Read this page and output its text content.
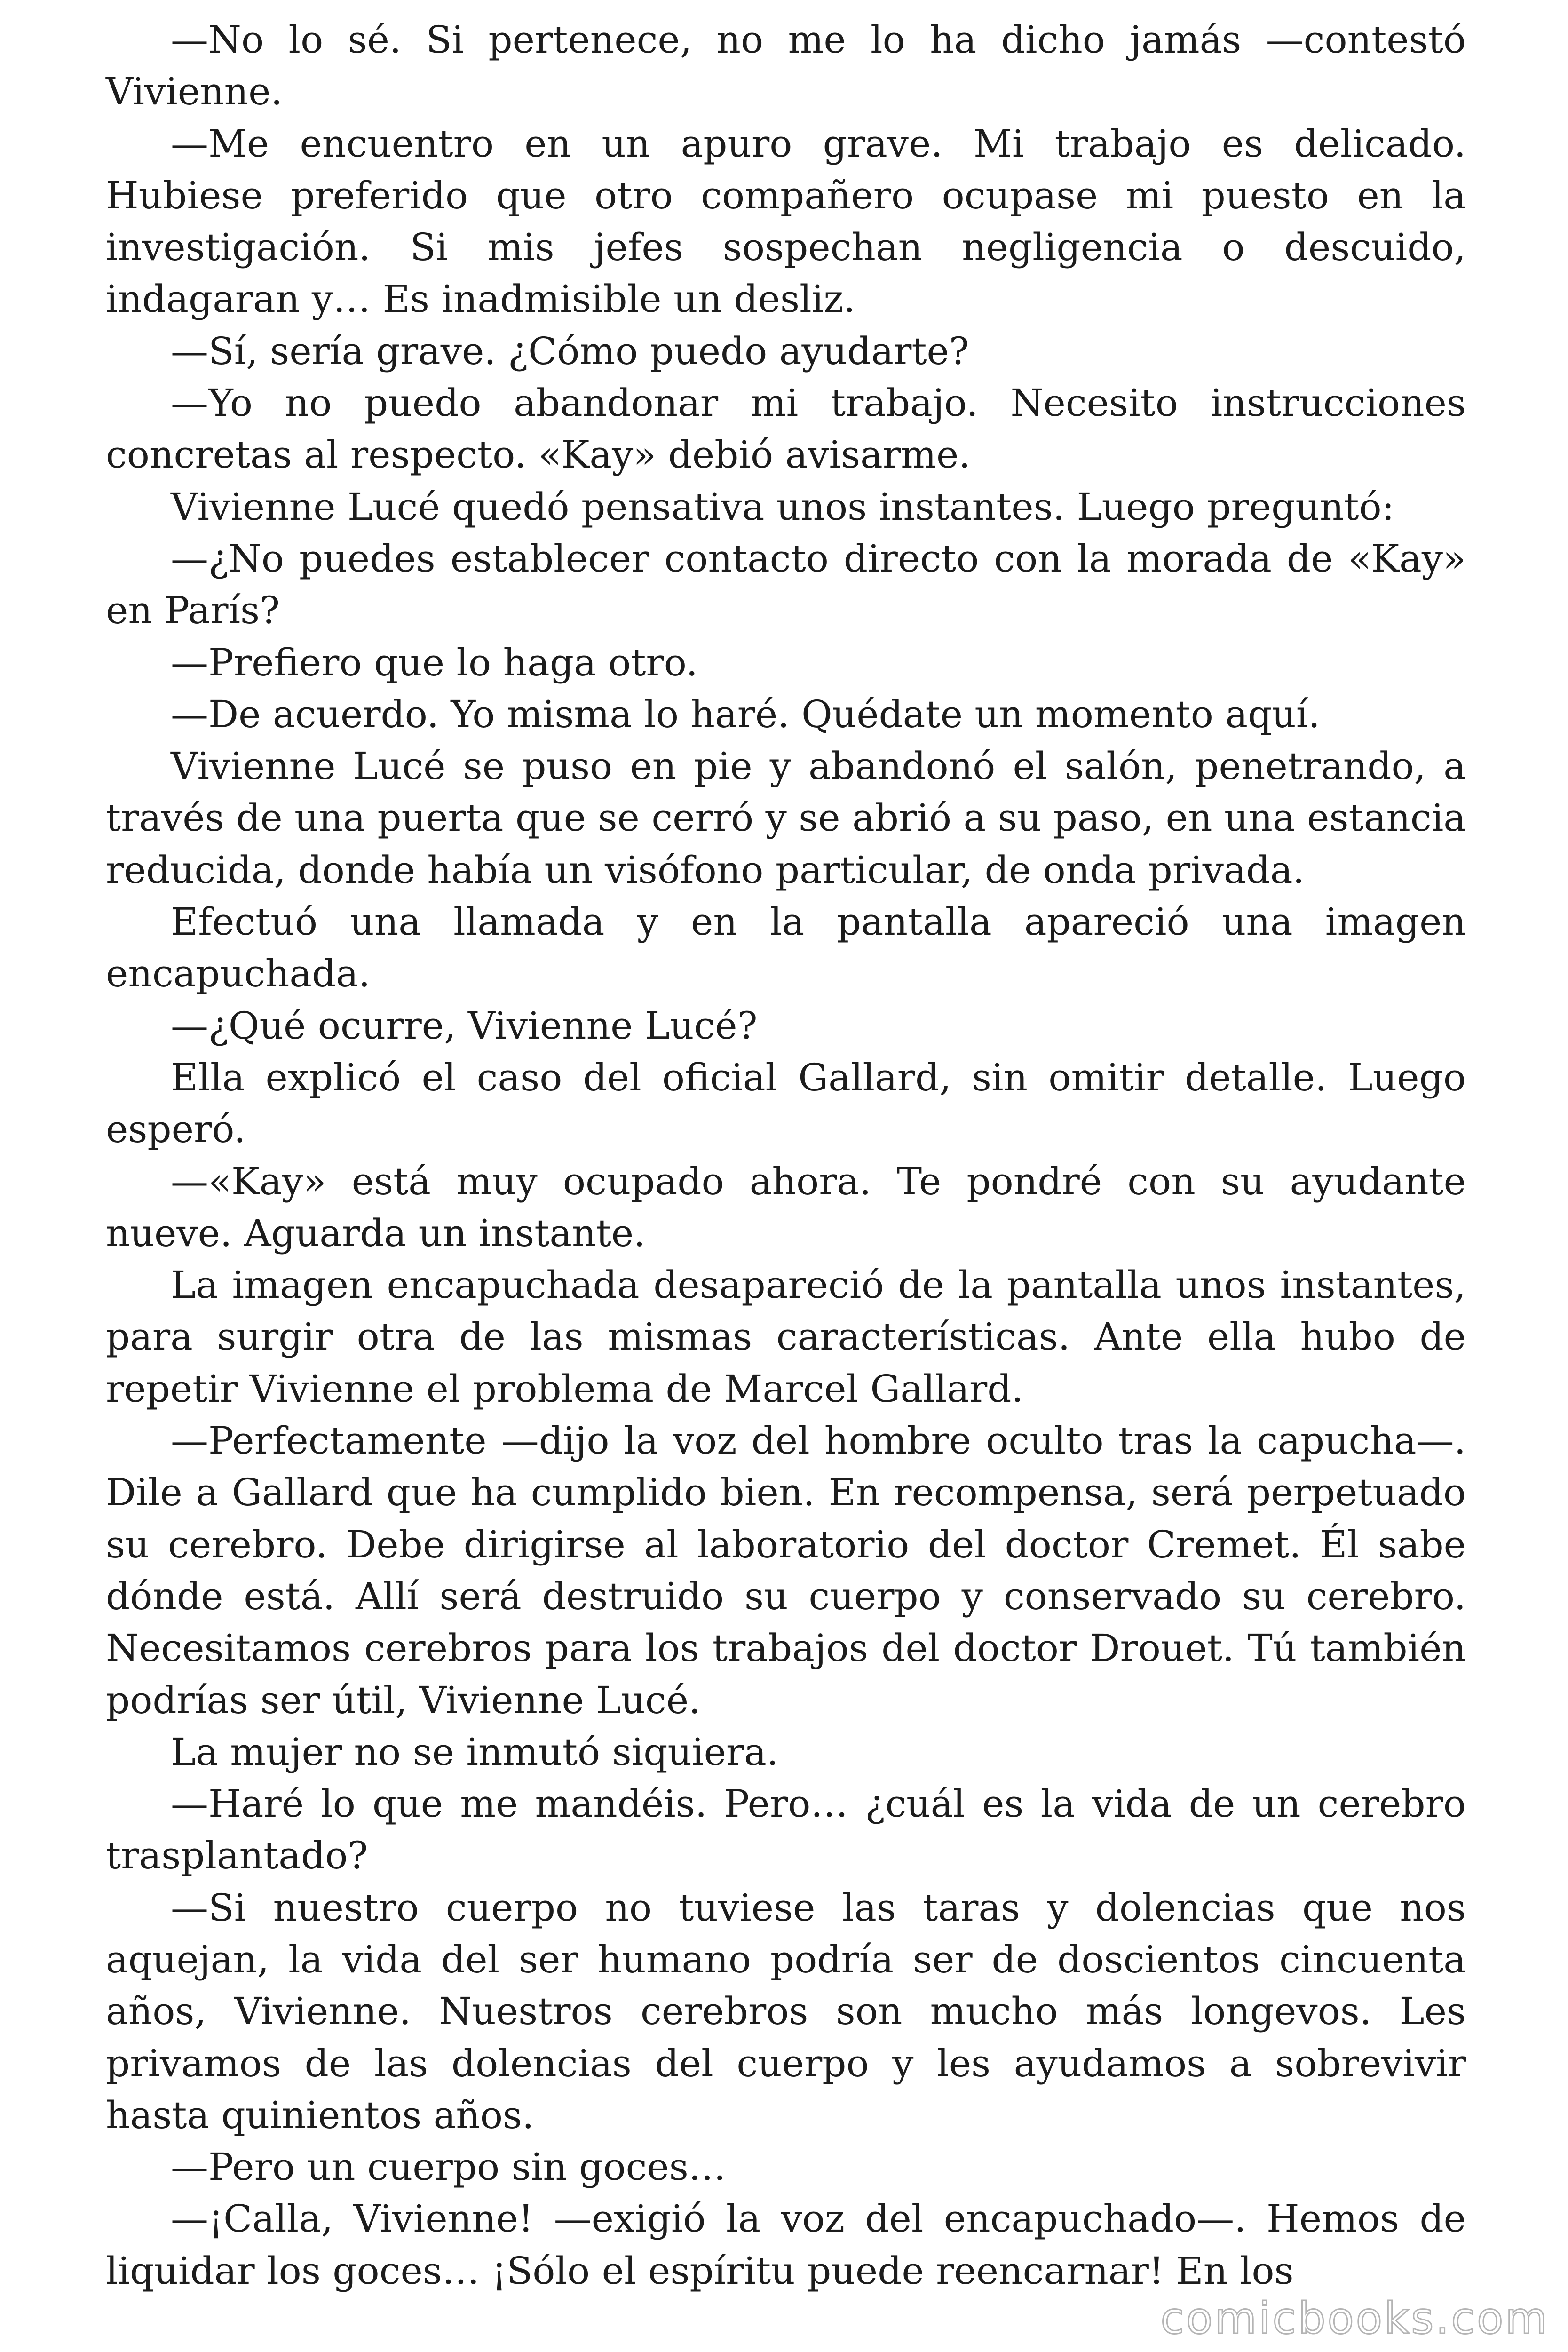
—No lo sé. Si pertenece, no me lo ha dicho jamás —contestó Vivienne.

—Me encuentro en un apuro grave. Mi trabajo es delicado. Hubiese preferido que otro compañero ocupase mi puesto en la investigación. Si mis jefes sospechan negligencia o descuido, indagaran y… Es inadmisible un desliz.

—Sí, sería grave. ¿Cómo puedo ayudarte?

—Yo no puedo abandonar mi trabajo. Necesito instrucciones concretas al respecto. «Kay» debió avisarme.

Vivienne Lucé quedó pensativa unos instantes. Luego preguntó:

—¿No puedes establecer contacto directo con la morada de «Kay» en París?

—Prefiero que lo haga otro.

—De acuerdo. Yo misma lo haré. Quédate un momento aquí.

Vivienne Lucé se puso en pie y abandonó el salón, penetrando, a través de una puerta que se cerró y se abrió a su paso, en una estancia reducida, donde había un visófono particular, de onda privada.

Efectuó una llamada y en la pantalla apareció una imagen encapuchada.

—¿Qué ocurre, Vivienne Lucé?

Ella explicó el caso del oficial Gallard, sin omitir detalle. Luego esperó.

—«Kay» está muy ocupado ahora. Te pondré con su ayudante nueve. Aguarda un instante.

La imagen encapuchada desapareció de la pantalla unos instantes, para surgir otra de las mismas características. Ante ella hubo de repetir Vivienne el problema de Marcel Gallard.

—Perfectamente —dijo la voz del hombre oculto tras la capucha—. Dile a Gallard que ha cumplido bien. En recompensa, será perpetuado su cerebro. Debe dirigirse al laboratorio del doctor Cremet. Él sabe dónde está. Allí será destruido su cuerpo y conservado su cerebro. Necesitamos cerebros para los trabajos del doctor Drouet. Tú también podrías ser útil, Vivienne Lucé.

La mujer no se inmutó siquiera.

—Haré lo que me mandéis. Pero… ¿cuál es la vida de un cerebro trasplantado?

—Si nuestro cuerpo no tuviese las taras y dolencias que nos aquejan, la vida del ser humano podría ser de doscientos cincuenta años, Vivienne. Nuestros cerebros son mucho más longevos. Les privamos de las dolencias del cuerpo y les ayudamos a sobrevivir hasta quinientos años.

—Pero un cuerpo sin goces…

—¡Calla, Vivienne! —exigió la voz del encapuchado—. Hemos de liquidar los goces… ¡Sólo el espíritu puede reencarnar! En los

comicbooks.com
